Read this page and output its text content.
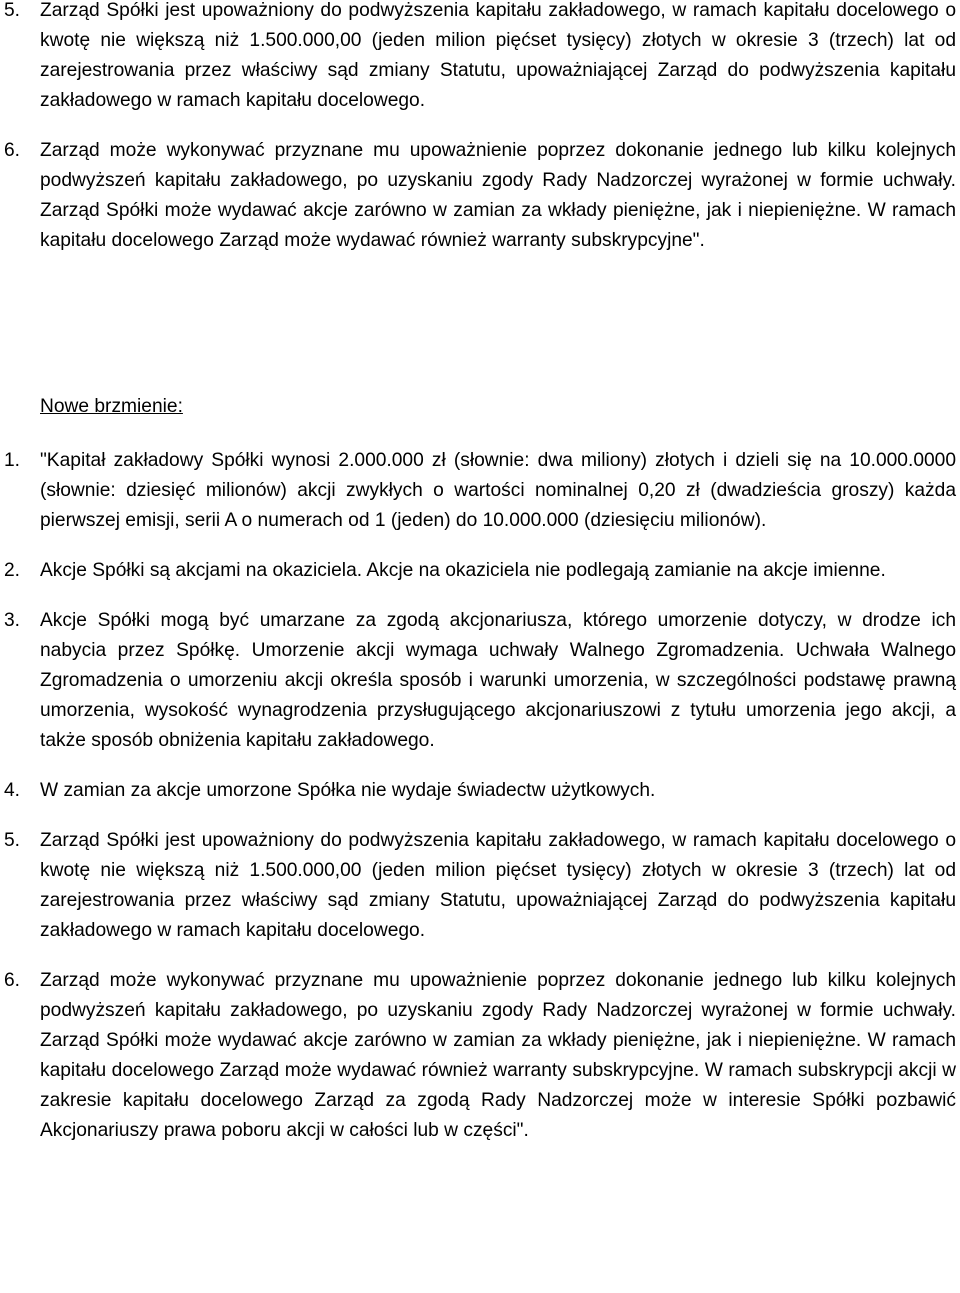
5.	Zarząd Spółki jest upoważniony do podwyższenia kapitału zakładowego, w ramach kapitału docelowego o kwotę nie większą niż 1.500.000,00 (jeden milion pięćset tysięcy) złotych w okresie 3 (trzech) lat od zarejestrowania przez właściwy sąd zmiany Statutu, upoważniającej Zarząd do podwyższenia kapitału zakładowego w ramach kapitału docelowego.

6.	Zarząd może wykonywać przyznane mu upoważnienie poprzez dokonanie jednego lub kilku kolejnych podwyższeń kapitału zakładowego, po uzyskaniu zgody Rady Nadzorczej wyrażonej w formie uchwały. Zarząd Spółki może wydawać akcje zarówno w zamian za wkłady pieniężne, jak i niepieniężne. W ramach kapitału docelowego Zarząd może wydawać również warranty subskrypcyjne".

Nowe brzmienie:

1.	"Kapitał zakładowy Spółki wynosi 2.000.000 zł (słownie: dwa miliony) złotych i dzieli się na 10.000.0000 (słownie: dziesięć milionów) akcji zwykłych o wartości nominalnej 0,20 zł (dwadzieścia groszy) każda pierwszej emisji, serii A o numerach od 1 (jeden) do 10.000.000 (dziesięciu milionów).

2.	Akcje Spółki są akcjami na okaziciela. Akcje na okaziciela nie podlegają zamianie na akcje imienne.

3.	Akcje Spółki mogą być umarzane za zgodą akcjonariusza, którego umorzenie dotyczy, w drodze ich nabycia przez Spółkę. Umorzenie akcji wymaga uchwały Walnego Zgromadzenia. Uchwała Walnego Zgromadzenia o umorzeniu akcji określa sposób i warunki umorzenia, w szczególności podstawę prawną umorzenia, wysokość wynagrodzenia przysługującego akcjonariuszowi z tytułu umorzenia jego akcji, a także sposób obniżenia kapitału zakładowego.

4.	W zamian za akcje umorzone Spółka nie wydaje świadectw użytkowych.

5.	Zarząd Spółki jest upoważniony do podwyższenia kapitału zakładowego, w ramach kapitału docelowego o kwotę nie większą niż 1.500.000,00 (jeden milion pięćset tysięcy) złotych w okresie 3 (trzech) lat od zarejestrowania przez właściwy sąd zmiany Statutu, upoważniającej Zarząd do podwyższenia kapitału zakładowego w ramach kapitału docelowego.

6.	Zarząd może wykonywać przyznane mu upoważnienie poprzez dokonanie jednego lub kilku kolejnych podwyższeń kapitału zakładowego, po uzyskaniu zgody Rady Nadzorczej wyrażonej w formie uchwały. Zarząd Spółki może wydawać akcje zarówno w zamian za wkłady pieniężne, jak i niepieniężne. W ramach kapitału docelowego Zarząd może wydawać również warranty subskrypcyjne. W ramach subskrypcji akcji w zakresie kapitału docelowego Zarząd za zgodą Rady Nadzorczej może w interesie Spółki pozbawić Akcjonariuszy prawa poboru akcji w całości lub w części".
